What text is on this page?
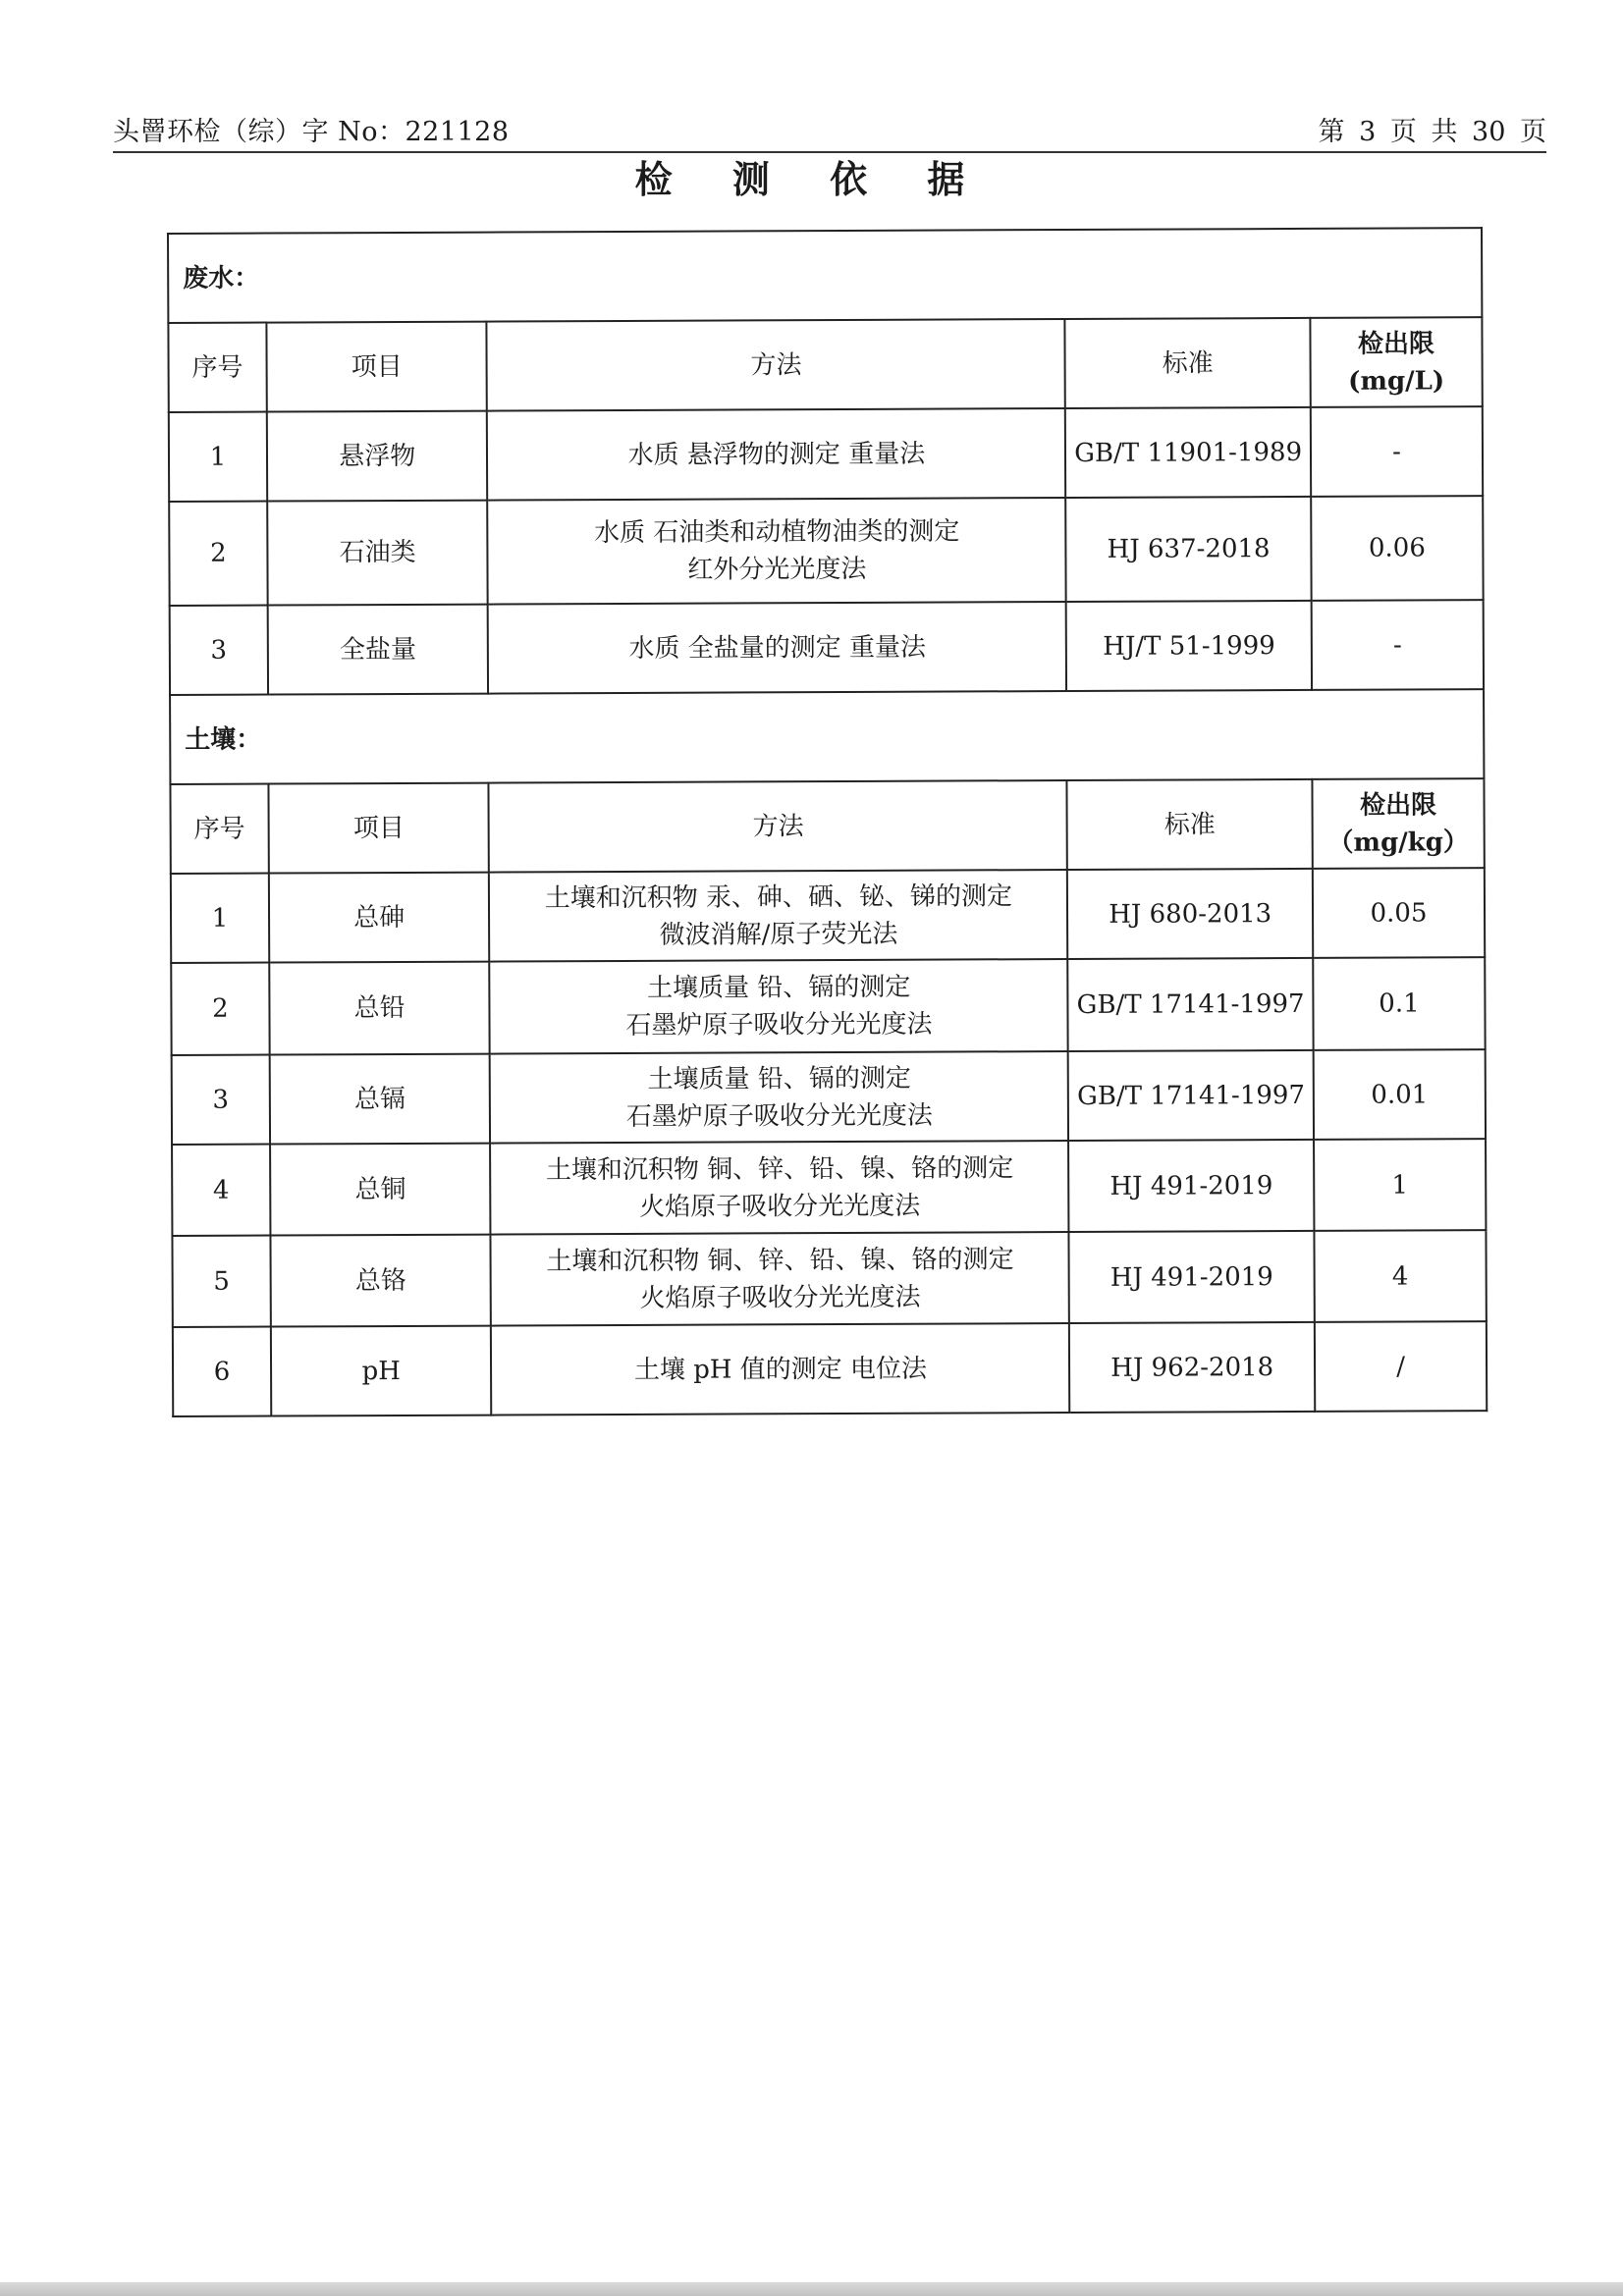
头罾环检（综）字 No：221128	第 3 页 共 30 页
检 测 依 据
废水：				
序号	项目	方法	标准	检出限
(mg/L)

1	悬浮物	水质 悬浮物的测定 重量法	GB/T 11901-1989	-
2	石油类	水质 石油类和动植物油类的测定
红外分光光度法	HJ 637-2018	0.06
3	全盐量	水质 全盐量的测定 重量法	HJ/T 51-1999	-
土壤：				
序号	项目	方法	标准	检出限
（mg/kg）

1	总砷	土壤和沉积物 汞、砷、硒、铋、锑的测定
微波消解/原子荧光法	HJ 680-2013	0.05
2	总铅	土壤质量 铅、镉的测定
石墨炉原子吸收分光光度法	GB/T 17141-1997	0.1
3	总镉	土壤质量 铅、镉的测定
石墨炉原子吸收分光光度法	GB/T 17141-1997	0.01
4	总铜	土壤和沉积物 铜、锌、铅、镍、铬的测定
火焰原子吸收分光光度法	HJ 491-2019	1
5	总铬	土壤和沉积物 铜、锌、铅、镍、铬的测定
火焰原子吸收分光光度法	HJ 491-2019	4
6	pH	土壤 pH 值的测定 电位法	HJ 962-2018	/
